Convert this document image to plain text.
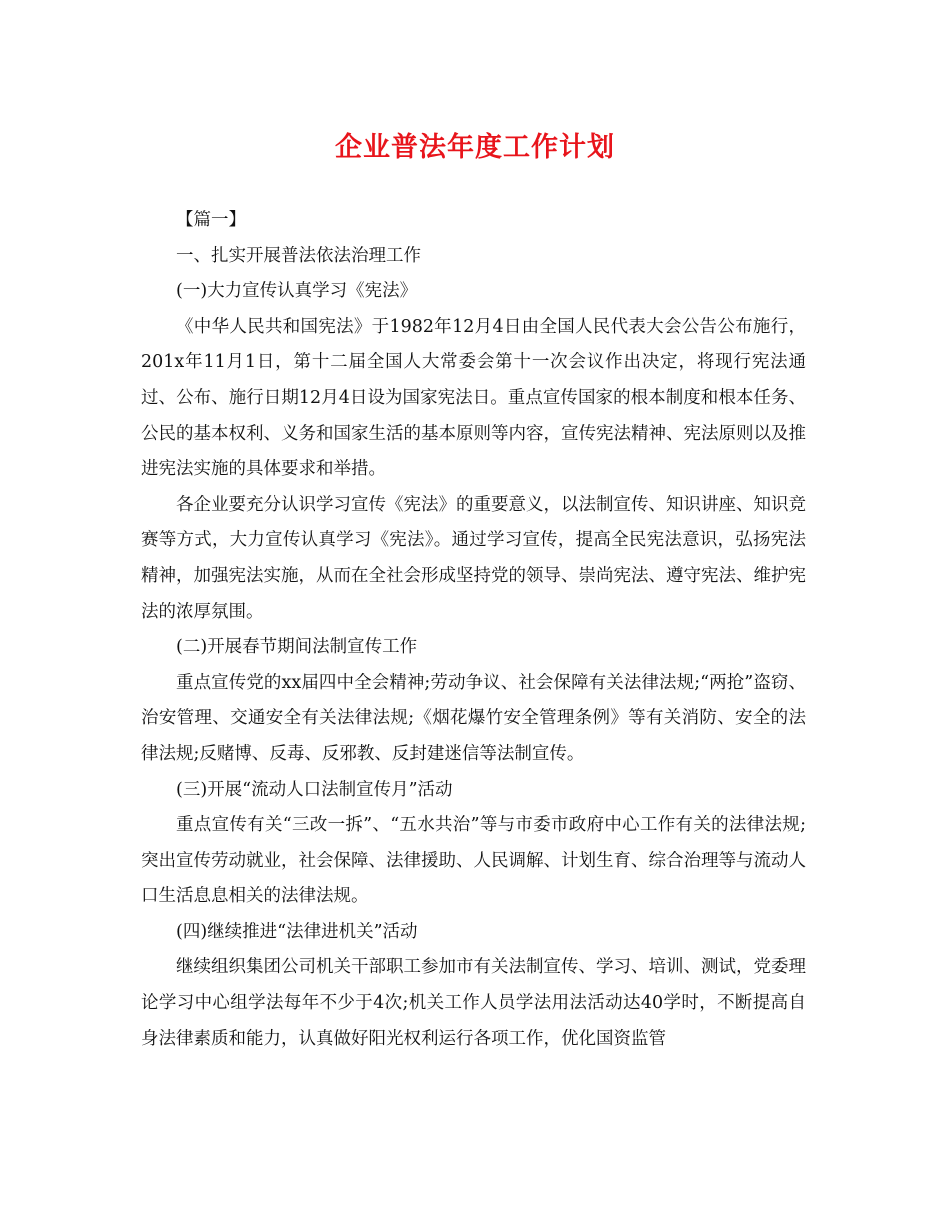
企业普法年度工作计划

【篇一】

一、扎实开展普法依法治理工作

(一)大力宣传认真学习《宪法》

《中华人民共和国宪法》于1982年12月4日由全国人民代表大会公告公布施行，201x年11月1日，第十二届全国人大常委会第十一次会议作出决定，将现行宪法通过、公布、施行日期12月4日设为国家宪法日。重点宣传国家的根本制度和根本任务、公民的基本权利、义务和国家生活的基本原则等内容，宣传宪法精神、宪法原则以及推进宪法实施的具体要求和举措。

各企业要充分认识学习宣传《宪法》的重要意义，以法制宣传、知识讲座、知识竞赛等方式，大力宣传认真学习《宪法》。通过学习宣传，提高全民宪法意识，弘扬宪法精神，加强宪法实施，从而在全社会形成坚持党的领导、崇尚宪法、遵守宪法、维护宪法的浓厚氛围。

(二)开展春节期间法制宣传工作

重点宣传党的xx届四中全会精神;劳动争议、社会保障有关法律法规;“两抢”盗窃、治安管理、交通安全有关法律法规;《烟花爆竹安全管理条例》等有关消防、安全的法律法规;反赌博、反毒、反邪教、反封建迷信等法制宣传。

(三)开展“流动人口法制宣传月”活动

重点宣传有关“三改一拆”、“五水共治”等与市委市政府中心工作有关的法律法规;突出宣传劳动就业，社会保障、法律援助、人民调解、计划生育、综合治理等与流动人口生活息息相关的法律法规。

(四)继续推进“法律进机关”活动

继续组织集团公司机关干部职工参加市有关法制宣传、学习、培训、测试，党委理论学习中心组学法每年不少于4次;机关工作人员学法用法活动达40学时，不断提高自身法律素质和能力，认真做好阳光权利运行各项工作，优化国资监管
